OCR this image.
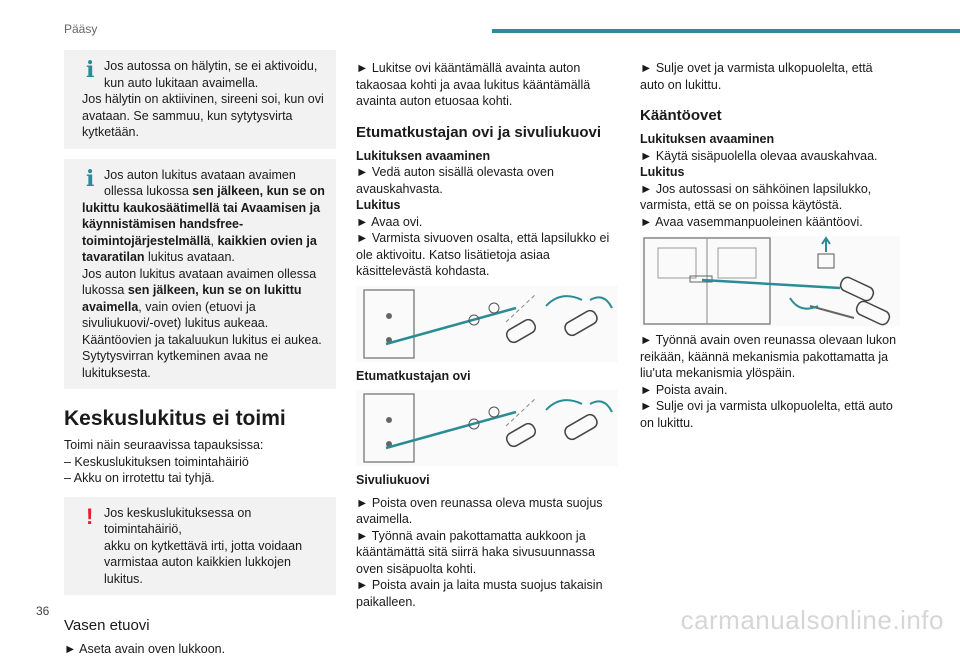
Pääsy
i Jos autossa on hälytin, se ei aktivoidu,

kun auto lukitaan avaimella.

Jos hälytin on aktiivinen, sireeni soi, kun ovi avataan. Se sammuu, kun sytytysvirta kytketään.

i Jos auton lukitus avataan avaimen

ollessa lukossa sen jälkeen, kun se on lukittu kaukosäätimellä tai Avaamisen ja käynnistämisen handsfree-toimintojärjestelmällä, kaikkien ovien ja tavaratilan lukitus avataan.

Jos auton lukitus avataan avaimen ollessa lukossa sen jälkeen, kun se on lukittu avaimella, vain ovien (etuovi ja sivuliukuovi/-ovet) lukitus aukeaa. Kääntöovien ja takaluukun lukitus ei aukea. Sytytysvirran kytkeminen avaa ne lukituksesta.

Keskuslukitus ei toimi

Toimi näin seuraavissa tapauksissa:

– Keskuslukituksen toimintahäiriö

– Akku on irrotettu tai tyhjä.

! Jos keskuslukituksessa on toimintahäiriö,

akku on kytkettävä irti, jotta voidaan varmistaa auton kaikkien lukkojen lukitus.

Vasen etuovi

► Aseta avain oven lukkoon.

► Lukitse ovi kääntämällä avainta auton takaosaa kohti ja avaa lukitus kääntämällä avainta auton etuosaa kohti.

Etumatkustajan ovi ja sivuliukuovi

Lukituksen avaaminen

► Vedä auton sisällä olevasta oven avauskahvasta.

Lukitus

► Avaa ovi.

► Varmista sivuoven osalta, että lapsilukko ei ole aktivoitu. Katso lisätietoja asiaa käsittelevästä kohdasta.

Etumatkustajan ovi

Sivuliukuovi

► Poista oven reunassa oleva musta suojus avaimella.

► Työnnä avain pakottamatta aukkoon ja kääntämättä sitä siirrä haka sivusuunnassa oven sisäpuolta kohti.

► Poista avain ja laita musta suojus takaisin paikalleen.

► Sulje ovet ja varmista ulkopuolelta, että auto on lukittu.

Kääntöovet

Lukituksen avaaminen

► Käytä sisäpuolella olevaa avauskahvaa.

Lukitus

► Jos autossasi on sähköinen lapsilukko, varmista, että se on poissa käytöstä.

► Avaa vasemmanpuoleinen kääntöovi.

► Työnnä avain oven reunassa olevaan lukon reikään, käännä mekanismia pakottamatta ja liu'uta mekanismia ylöspäin.

► Poista avain.

► Sulje ovi ja varmista ulkopuolelta, että auto on lukittu.

36	carmanualsonline.info
